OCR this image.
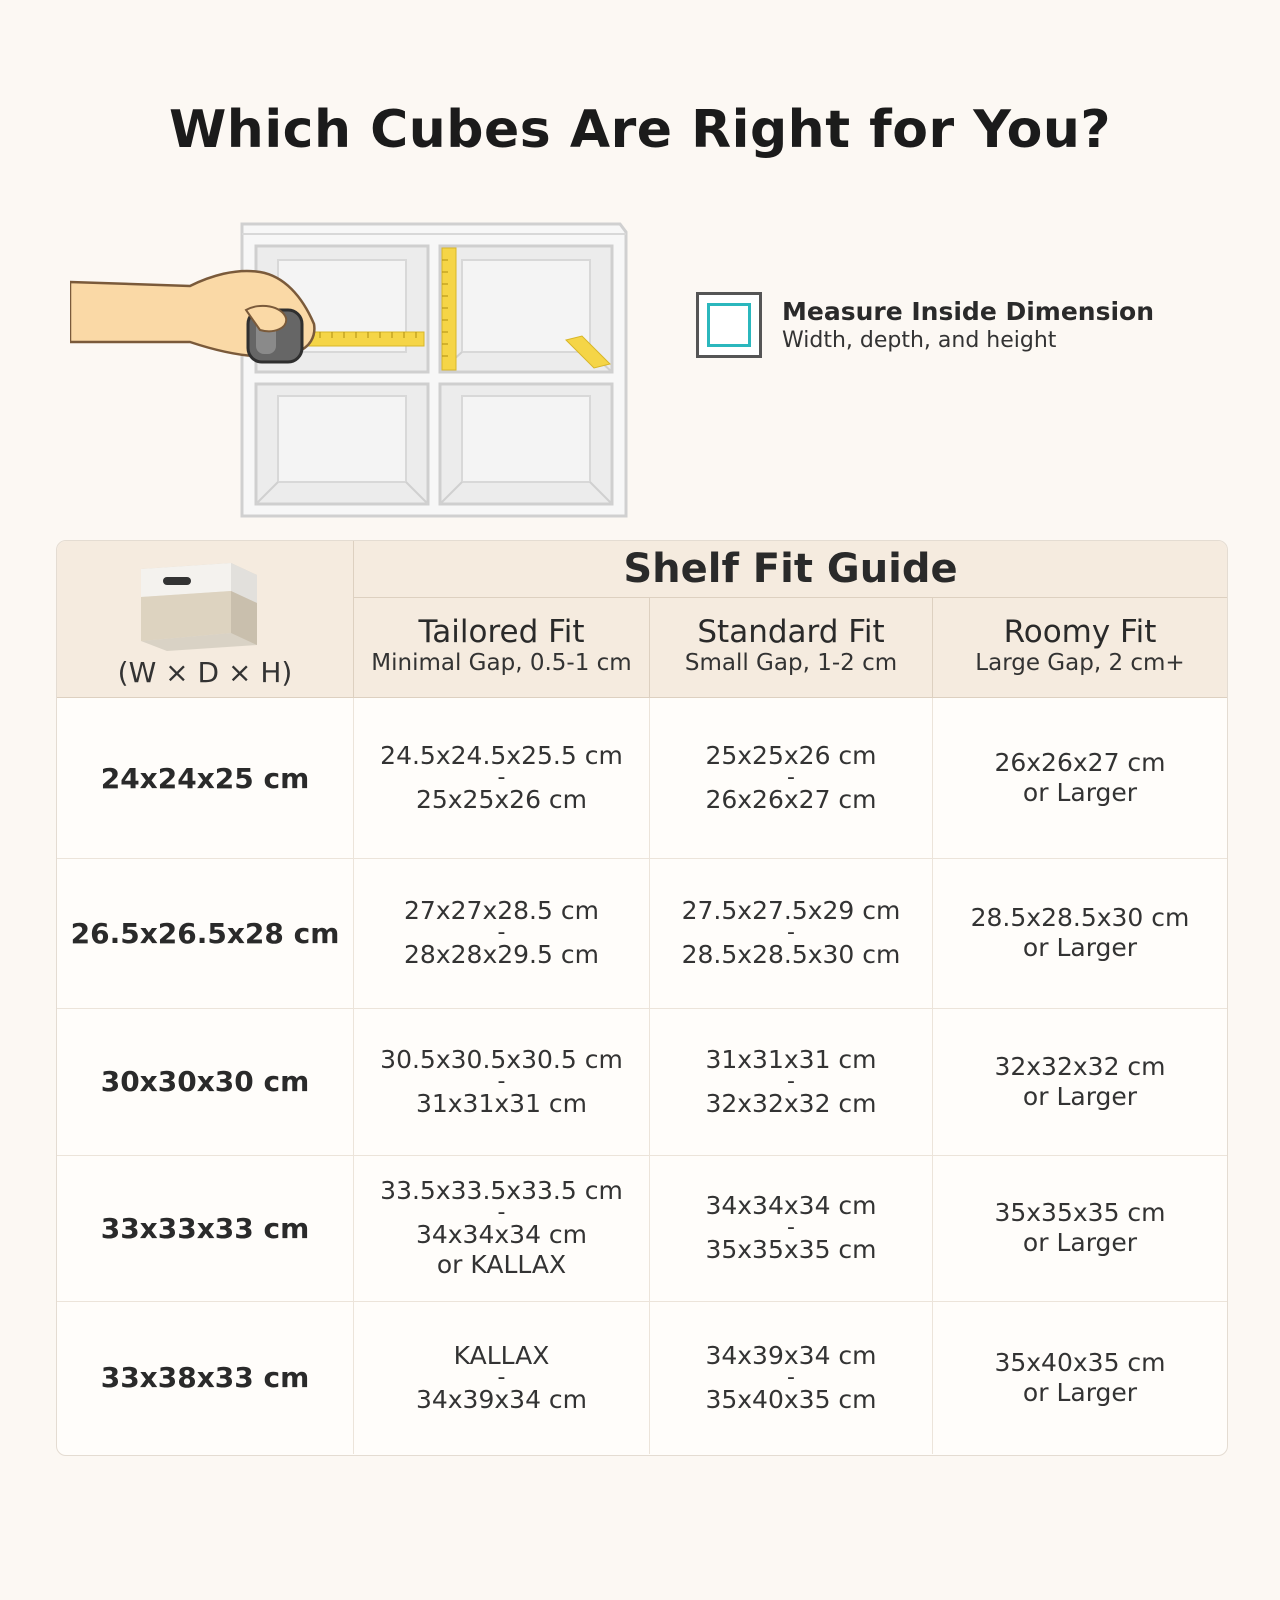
Which Cubes Are Right for You?
Measure Inside Dimension
Width, depth, and height
(W × D × H)
Shelf Fit Guide
Tailored Fit
Minimal Gap, 0.5-1 cm
Standard Fit
Small Gap, 1-2 cm
Roomy Fit
Large Gap, 2 cm+
24x24x25 cm
24.5x24.5x25.5 cm
-
25x25x26 cm
25x25x26 cm
-
26x26x27 cm
26x26x27 cm
or Larger
26.5x26.5x28 cm
27x27x28.5 cm
-
28x28x29.5 cm
27.5x27.5x29 cm
-
28.5x28.5x30 cm
28.5x28.5x30 cm
or Larger
30x30x30 cm
30.5x30.5x30.5 cm
-
31x31x31 cm
31x31x31 cm
-
32x32x32 cm
32x32x32 cm
or Larger
33x33x33 cm
33.5x33.5x33.5 cm
-
34x34x34 cm
or KALLAX
34x34x34 cm
-
35x35x35 cm
35x35x35 cm
or Larger
33x38x33 cm
KALLAX
-
34x39x34 cm
34x39x34 cm
-
35x40x35 cm
35x40x35 cm
or Larger
